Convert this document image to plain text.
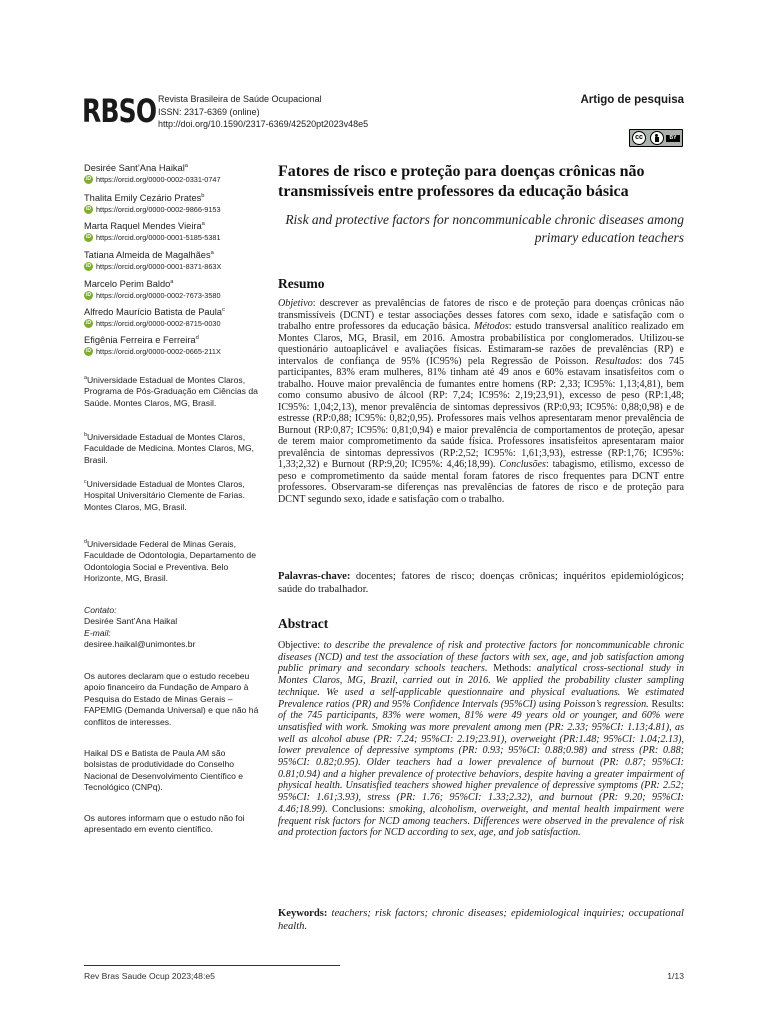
RBSO Revista Brasileira de Saúde Ocupacional
ISSN: 2317-6369 (online)
http://doi.org/10.1590/2317-6369/42520pt2023v48e5
Artigo de pesquisa
cc	BY
Desirée Sant’Ana Haikal$^a$
iD https://orcid.org/0000-0002-0331-0747
Thalita Emily Cezário Prates$^b$
iD https://orcid.org/0000-0002-9866-9153
Marta Raquel Mendes Vieira$^a$
iD https://orcid.org/0000-0001-5185-5381
Tatiana Almeida de Magalhães$^a$
iD https://orcid.org/0000-0001-8371-863X
Marcelo Perim Baldo$^a$
iD https://orcid.org/0000-0002-7673-3580
Alfredo Maurício Batista de Paula$^c$
iD https://orcid.org/0000-0002-8715-0030
Efigênia Ferreira e Ferreira$^d$
iD https://orcid.org/0000-0002-0665-211X
$^a$Universidade Estadual de Montes Claros, Programa de Pós-Graduação em Ciências da Saúde. Montes Claros, MG, Brasil.
$^b$Universidade Estadual de Montes Claros, Faculdade de Medicina. Montes Claros, MG, Brasil.
$^c$Universidade Estadual de Montes Claros, Hospital Universitário Clemente de Farias. Montes Claros, MG, Brasil.
$^d$Universidade Federal de Minas Gerais, Faculdade de Odontologia, Departamento de Odontologia Social e Preventiva. Belo Horizonte, MG, Brasil.
Contato:
Desirée Sant’Ana Haikal
E-mail:
desiree.haikal@unimontes.br
Os autores declaram que o estudo recebeu apoio financeiro da Fundação de Amparo à Pesquisa do Estado de Minas Gerais – FAPEMIG (Demanda Universal) e que não há conflitos de interesses.
Haikal DS e Batista de Paula AM são bolsistas de produtividade do Conselho Nacional de Desenvolvimento Científico e Tecnológico (CNPq).
Os autores informam que o estudo não foi apresentado em evento científico.
Fatores de risco e proteção para doenças crônicas não transmissíveis entre professores da educação básica
Risk and protective factors for noncommunicable chronic diseases among primary education teachers
Resumo
Objetivo: descrever as prevalências de fatores de risco e de proteção para doenças crônicas não transmissíveis (DCNT) e testar associações desses fatores com sexo, idade e satisfação com o trabalho entre professores da educação básica. Métodos: estudo transversal analítico realizado em Montes Claros, MG, Brasil, em 2016. Amostra probabilística por conglomerados. Utilizou-se questionário autoaplicável e avaliações físicas. Estimaram-se razões de prevalências (RP) e intervalos de confiança de 95% (IC95%) pela Regressão de Poisson. Resultados: dos 745 participantes, 83% eram mulheres, 81% tinham até 49 anos e 60% estavam insatisfeitos com o trabalho. Houve maior prevalência de fumantes entre homens (RP: 2,33; IC95%: 1,13;4,81), bem como consumo abusivo de álcool (RP: 7,24; IC95%: 2,19;23,91), excesso de peso (RP:1,48; IC95%: 1,04;2,13), menor prevalência de sintomas depressivos (RP:0,93; IC95%: 0,88;0,98) e de estresse (RP:0,88; IC95%: 0,82;0,95). Professores mais velhos apresentaram menor prevalência de Burnout (RP:0,87; IC95%: 0,81;0,94) e maior prevalência de comportamentos de proteção, apesar de terem maior comprometimento da saúde física. Professores insatisfeitos apresentaram maior prevalência de sintomas depressivos (RP:2,52; IC95%: 1,61;3,93), estresse (RP:1,76; IC95%: 1,33;2,32) e Burnout (RP:9,20; IC95%: 4,46;18,99). Conclusões: tabagismo, etilismo, excesso de peso e comprometimento da saúde mental foram fatores de risco frequentes para DCNT entre professores. Observaram-se diferenças nas prevalências de fatores de risco e de proteção para DCNT segundo sexo, idade e satisfação com o trabalho.
Palavras-chave: docentes; fatores de risco; doenças crônicas; inquéritos epidemiológicos; saúde do trabalhador.
Abstract
Objective: to describe the prevalence of risk and protective factors for noncommunicable chronic diseases (NCD) and test the association of these factors with sex, age, and job satisfaction among public primary and secondary schools teachers. Methods: analytical cross-sectional study in Montes Claros, MG, Brazil, carried out in 2016. We applied the probability cluster sampling technique. We used a self-applicable questionnaire and physical evaluations. We estimated Prevalence ratios (PR) and 95% Confidence Intervals (95%CI) using Poisson’s regression. Results: of the 745 participants, 83% were women, 81% were 49 years old or younger, and 60% were unsatisfied with work. Smoking was more prevalent among men (PR: 2.33; 95%CI: 1.13;4.81), as well as alcohol abuse (PR: 7.24; 95%CI: 2.19;23.91), overweight (PR:1.48; 95%CI: 1.04;2.13), lower prevalence of depressive symptoms (PR: 0.93; 95%CI: 0.88;0.98) and stress (PR: 0.88; 95%CI: 0.82;0.95). Older teachers had a lower prevalence of burnout (PR: 0.87; 95%CI: 0.81;0.94) and a higher prevalence of protective behaviors, despite having a greater impairment of physical health. Unsatisfied teachers showed higher prevalence of depressive symptoms (PR: 2.52; 95%CI: 1.61;3.93), stress (PR: 1.76; 95%CI: 1.33;2.32), and burnout (PR: 9.20; 95%CI: 4.46;18.99). Conclusions: smoking, alcoholism, overweight, and mental health impairment were frequent risk factors for NCD among teachers. Differences were observed in the prevalence of risk and protection factors for NCD according to sex, age, and job satisfaction.
Keywords: teachers; risk factors; chronic diseases; epidemiological inquiries; occupational health.
Rev Bras Saude Ocup 2023;48:e5	1/13
